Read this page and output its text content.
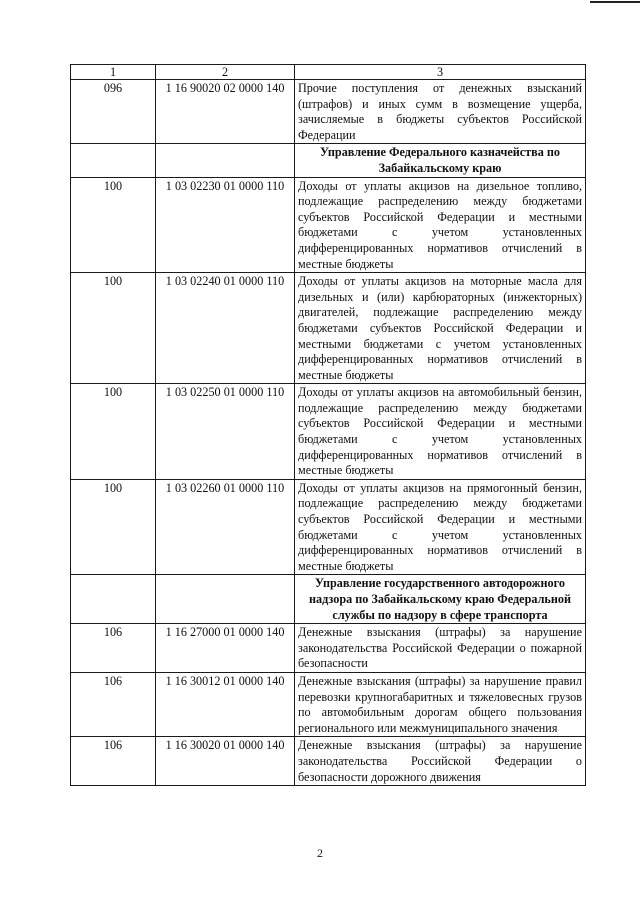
1	2	3
096	1 16 90020 02 0000 140	Прочие поступления от денежных взысканий (штрафов) и иных сумм в возмещение ущерба, зачисляемые в бюджеты субъектов Российской Федерации
		Управление Федерального казначейства по Забайкальскому краю
100	1 03 02230 01 0000 110	Доходы от уплаты акцизов на дизельное топливо, подлежащие распределению между бюджетами субъектов Российской Федерации и местными бюджетами с учетом установленных дифференцированных нормативов отчислений в местные бюджеты
100	1 03 02240 01 0000 110	Доходы от уплаты акцизов на моторные масла для дизельных и (или) карбюраторных (инжекторных) двигателей, подлежащие распределению между бюджетами субъектов Российской Федерации и местными бюджетами с учетом установленных дифференцированных нормативов отчислений в местные бюджеты
100	1 03 02250 01 0000 110	Доходы от уплаты акцизов на автомобильный бензин, подлежащие распределению между бюджетами субъектов Российской Федерации и местными бюджетами с учетом установленных дифференцированных нормативов отчислений в местные бюджеты
100	1 03 02260 01 0000 110	Доходы от уплаты акцизов на прямогонный бензин, подлежащие распределению между бюджетами субъектов Российской Федерации и местными бюджетами с учетом установленных дифференцированных нормативов отчислений в местные бюджеты
		Управление государственного автодорожного надзора по Забайкальскому краю Федеральной службы по надзору в сфере транспорта
106	1 16 27000 01 0000 140	Денежные взыскания (штрафы) за нарушение законодательства Российской Федерации о пожарной безопасности
106	1 16 30012 01 0000 140	Денежные взыскания (штрафы) за нарушение правил перевозки крупногабаритных и тяжеловесных грузов по автомобильным дорогам общего пользования регионального или межмуниципального значения
106	1 16 30020 01 0000 140	Денежные взыскания (штрафы) за нарушение законодательства Российской Федерации о безопасности дорожного движения
2
